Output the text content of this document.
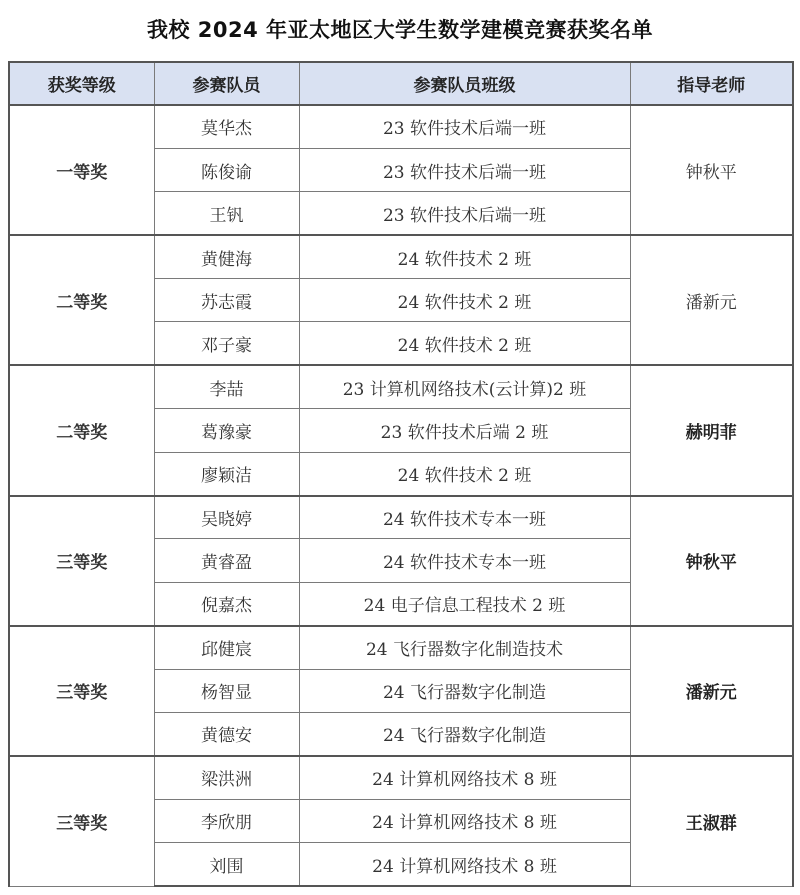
我校 2024 年亚太地区大学生数学建模竞赛获奖名单
获奖等级	参赛队员	参赛队员班级	指导老师
一等奖	莫华杰	23 软件技术后端一班	钟秋平
	陈俊谕	23 软件技术后端一班	
	王钒	23 软件技术后端一班	
二等奖	黄健海	24 软件技术 2 班	潘新元
	苏志霞	24 软件技术 2 班	
	邓子豪	24 软件技术 2 班	
二等奖	李喆	23 计算机网络技术(云计算)2 班	赫明菲
	葛豫豪	23 软件技术后端 2 班	
	廖颖洁	24 软件技术 2 班	
三等奖	吴晓婷	24 软件技术专本一班	钟秋平
	黄睿盈	24 软件技术专本一班	
	倪嘉杰	24 电子信息工程技术 2 班	
三等奖	邱健宸	24 飞行器数字化制造技术	潘新元
	杨智显	24 飞行器数字化制造	
	黄德安	24 飞行器数字化制造	
三等奖	梁洪洲	24 计算机网络技术 8 班	王淑群
	李欣朋	24 计算机网络技术 8 班	
	刘围	24 计算机网络技术 8 班	
